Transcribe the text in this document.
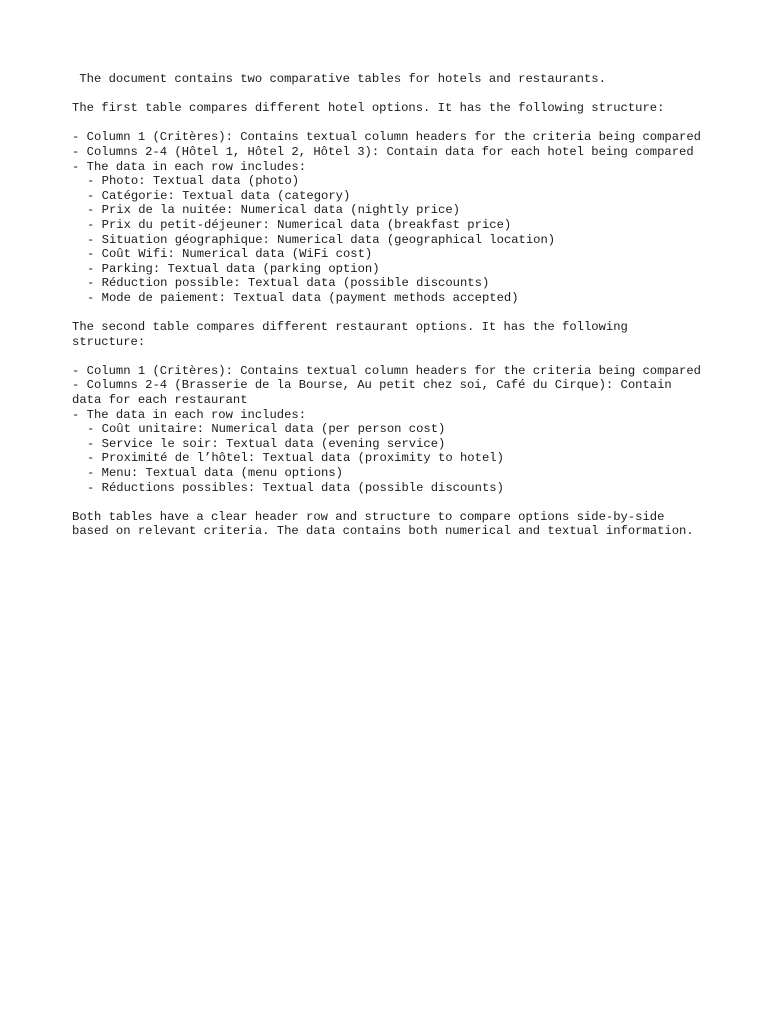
The document contains two comparative tables for hotels and restaurants.

The first table compares different hotel options. It has the following structure:

- Column 1 (Critères): Contains textual column headers for the criteria being compared
- Columns 2-4 (Hôtel 1, Hôtel 2, Hôtel 3): Contain data for each hotel being compared
- The data in each row includes:
- Photo: Textual data (photo)
- Catégorie: Textual data (category)
- Prix de la nuitée: Numerical data (nightly price)
- Prix du petit-déjeuner: Numerical data (breakfast price)
- Situation géographique: Numerical data (geographical location)
- Coût Wifi: Numerical data (WiFi cost)
- Parking: Textual data (parking option)
- Réduction possible: Textual data (possible discounts)
- Mode de paiement: Textual data (payment methods accepted)

The second table compares different restaurant options. It has the following structure:

- Column 1 (Critères): Contains textual column headers for the criteria being compared
- Columns 2-4 (Brasserie de la Bourse, Au petit chez soi, Café du Cirque): Contain data for each restaurant
- The data in each row includes:
- Coût unitaire: Numerical data (per person cost)
- Service le soir: Textual data (evening service)
- Proximité de l’hôtel: Textual data (proximity to hotel)
- Menu: Textual data (menu options)
- Réductions possibles: Textual data (possible discounts)

Both tables have a clear header row and structure to compare options side-by-side based on relevant criteria. The data contains both numerical and textual information.
